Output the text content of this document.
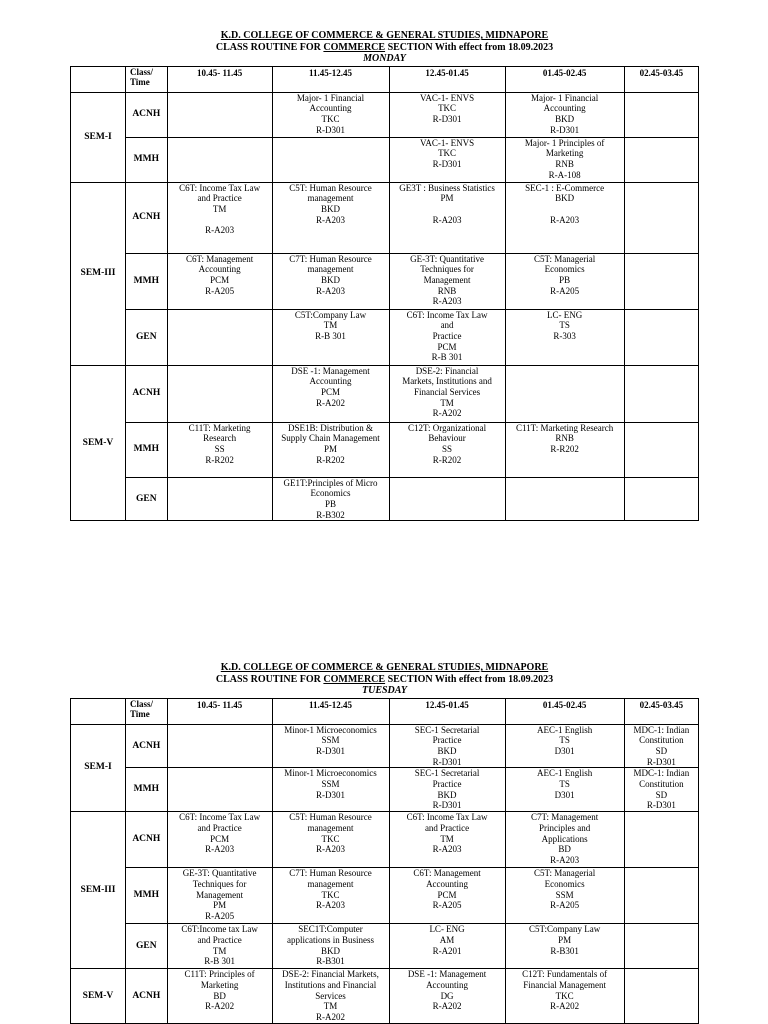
K.D. COLLEGE OF COMMERCE & GENERAL STUDIES, MIDNAPORE
CLASS ROUTINE FOR COMMERCE SECTION With effect from 18.09.2023
MONDAY

	Class/
Time	10.45- 11.45	11.45-12.45	12.45-01.45	01.45-02.45	02.45-03.45
SEM-I	ACNH		Major- 1 Financial
Accounting
TKC
R-D301	VAC-1- ENVS
TKC
R-D301	Major- 1 Financial
Accounting
BKD
R-D301	

	MMH			VAC-1- ENVS
TKC
R-D301	Major- 1 Principles of
Marketing
RNB
R-A-108	

SEM-III	ACNH	C6T: Income Tax Law
and Practice
TM

R-A203	C5T: Human Resource
management
BKD
R-A203	GE3T : Business Statistics
PM

R-A203	SEC-1 : E-Commerce
BKD

R-A203	

	MMH	C6T: Management
Accounting
PCM
R-A205	C7T: Human Resource
management
BKD
R-A203	GE-3T: Quantitative
Techniques for
Management
RNB
R-A203	C5T: Managerial
Economics
PB
R-A205	

	GEN		C5T:Company Law
TM
R-B 301	C6T: Income Tax Law
and
Practice
PCM
R-B 301	LC- ENG
TS
R-303	

SEM-V	ACNH		DSE -1: Management
Accounting
PCM
R-A202	DSE-2: Financial
Markets, Institutions and
Financial Services
TM
R-A202		

	MMH	C11T: Marketing
Research
SS
R-R202	DSE1B: Distribution &
Supply Chain Management
PM
R-R202	C12T: Organizational
Behaviour
SS
R-R202	C11T: Marketing Research
RNB
R-R202	

	GEN		GE1T:Principles of Micro
Economics
PB
R-B302			

K.D. COLLEGE OF COMMERCE & GENERAL STUDIES, MIDNAPORE
CLASS ROUTINE FOR COMMERCE SECTION With effect from 18.09.2023
TUESDAY

	Class/
Time	10.45- 11.45	11.45-12.45	12.45-01.45	01.45-02.45	02.45-03.45
SEM-I	ACNH		Minor-1 Microeconomics
SSM
R-D301	SEC-1 Secretarial
Practice
BKD
R-D301	AEC-1 English
TS
D301	MDC-1: Indian
Constitution
SD
R-D301

	MMH		Minor-1 Microeconomics
SSM
R-D301	SEC-1 Secretarial
Practice
BKD
R-D301	AEC-1 English
TS
D301	MDC-1: Indian
Constitution
SD
R-D301

SEM-III	ACNH	C6T: Income Tax Law
and Practice
PCM
R-A203	C5T: Human Resource
management
TKC
R-A203	C6T: Income Tax Law
and Practice
TM
R-A203	C7T: Management
Principles and
Applications
BD
R-A203	

	MMH	GE-3T: Quantitative
Techniques for
Management
PM
R-A205	C7T: Human Resource
management
TKC
R-A203	C6T: Management
Accounting
PCM
R-A205	C5T: Managerial
Economics
SSM
R-A205	

	GEN	C6T:Income tax Law
and Practice
TM
R-B 301	SEC1T:Computer
applications in Business
BKD
R-B301	LC- ENG
AM
R-A201	C5T:Company Law
PM
R-B301	

SEM-V	ACNH	C11T: Principles of
Marketing
BD
R-A202	DSE-2: Financial Markets,
Institutions and Financial
Services
TM
R-A202	DSE -1: Management
Accounting
DG
R-A202	C12T: Fundamentals of
Financial Management
TKC
R-A202	
